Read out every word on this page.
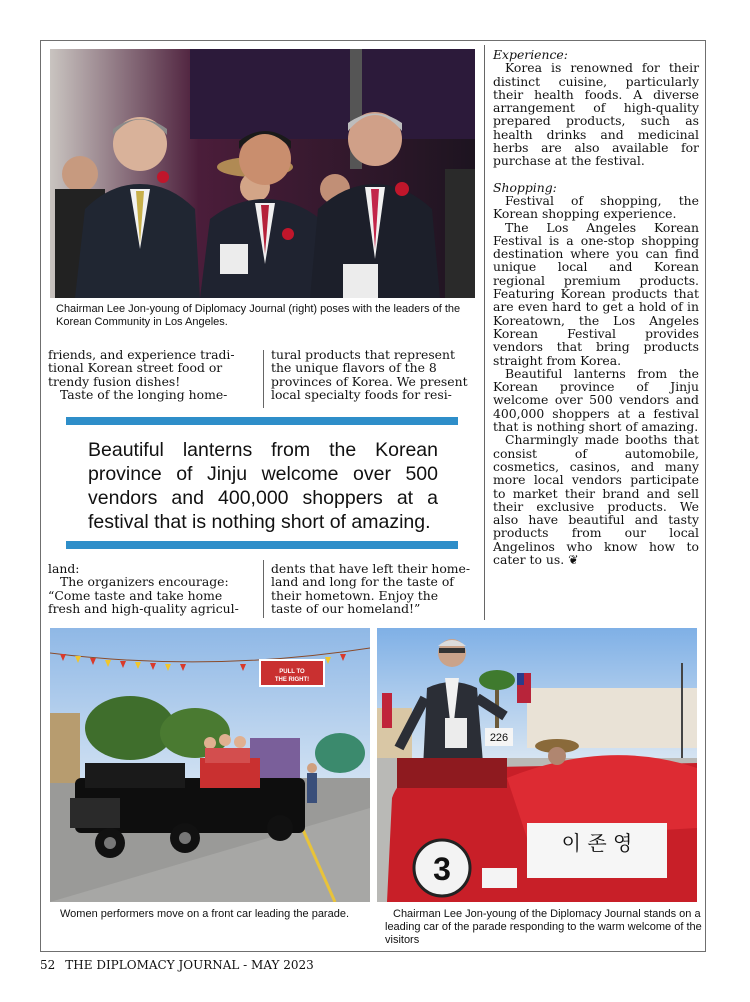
Chairman Lee Jon-young of Diplomacy Journal (right) poses with the leaders of the Korean Community in Los Angeles.

friends, and experience tradi-

tional Korean street food or

trendy fusion dishes!

Taste of the longing home-

tural products that represent

the unique flavors of the 8

provinces of Korea. We present

local specialty foods for resi-

Beautiful lanterns from the Korean province of Jinju welcome over 500 vendors and 400,000 shoppers at a festival that is nothing short of amazing.

land:

The organizers encourage:

“Come taste and take home

fresh and high-quality agricul-

dents that have left their home-

land and long for the taste of

their hometown. Enjoy the

taste of our homeland!”

Experience:

Korea is renowned for their distinct cuisine, particularly their health foods. A diverse arrangement of high-quality prepared products, such as health drinks and medicinal herbs are also available for purchase at the festival.

Shopping:

Festival of shopping, the Korean shopping experience.

The Los Angeles Korean Festival is a one-stop shopping destination where you can find unique local and Korean regional premium products. Featuring Korean products that are even hard to get a hold of in Koreatown, the Los Angeles Korean Festival provides vendors that bring products straight from Korea.

Beautiful lanterns from the Korean province of Jinju welcome over 500 vendors and 400,000 shoppers at a festival that is nothing short of amazing.

Charmingly made booths that consist of automobile, cosmetics, casinos, and many more local vendors participate to market their brand and sell their exclusive products. We also have beautiful and tasty products from our local Angelinos who know how to cater to us. ❦

PULL TO
THE RIGHT!
Women performers move on a front car leading the parade.
226
3
이 존 영
Chairman Lee Jon-young of the Diplomacy Journal stands on a leading car of the parade responding to the warm welcome of the visitors
52 THE DIPLOMACY JOURNAL - MAY 2023
